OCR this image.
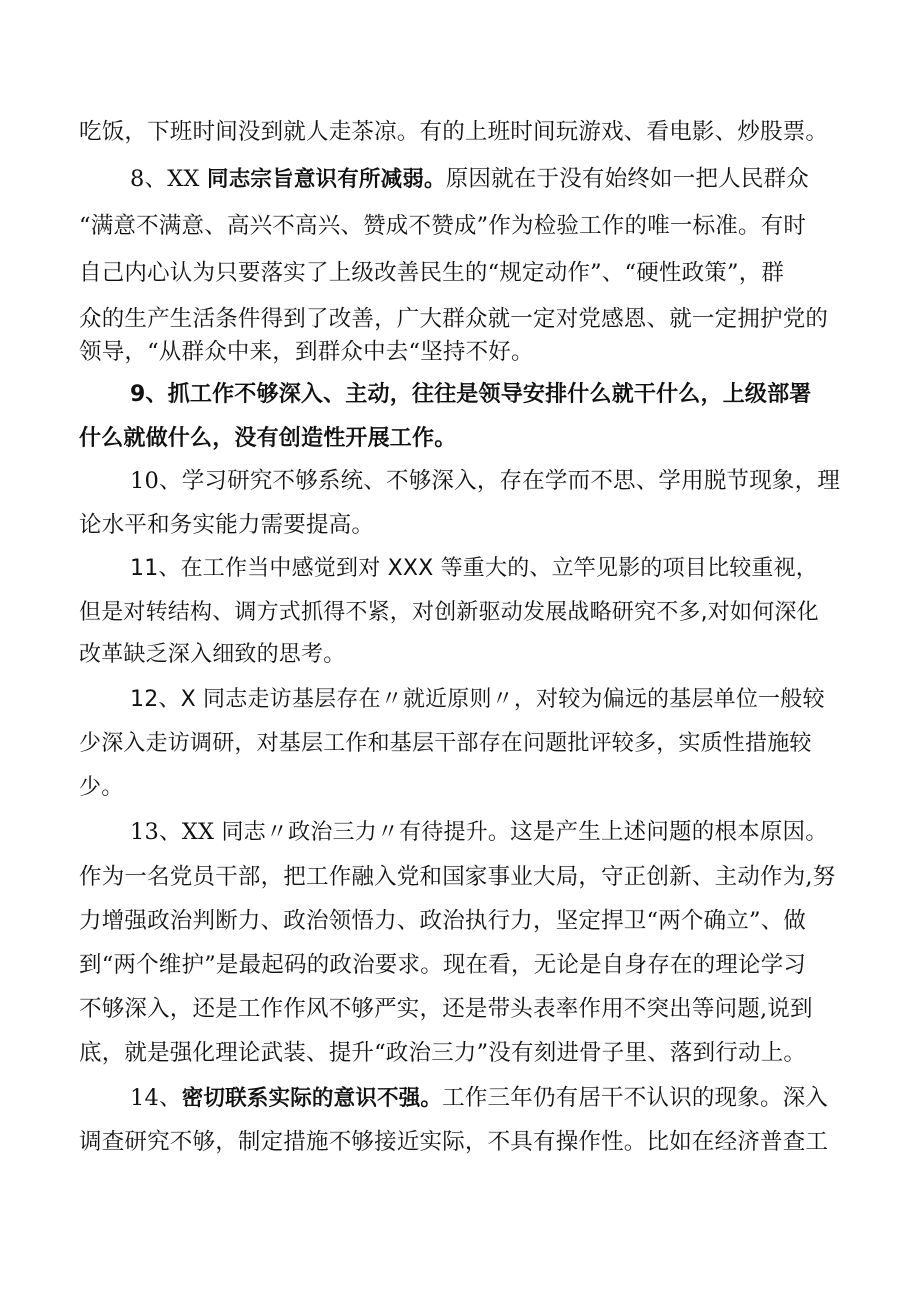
吃饭，下班时间没到就人走茶凉。有的上班时间玩游戏、看电影、炒股票。
8、XX 同志宗旨意识有所减弱。原因就在于没有始终如一把人民群众
“满意不满意、高兴不高兴、赞成不赞成”作为检验工作的唯一标准。有时
自己内心认为只要落实了上级改善民生的“规定动作”、“硬性政策”，群
众的生产生活条件得到了改善，广大群众就一定对党感恩、就一定拥护党的
领导，“从群众中来，到群众中去“坚持不好。
9、抓工作不够深入、主动，往往是领导安排什么就干什么，上级部署
什么就做什么，没有创造性开展工作。
10、学习研究不够系统、不够深入，存在学而不思、学用脱节现象，理
论水平和务实能力需要提高。
11、在工作当中感觉到对 XXX 等重大的、立竿见影的项目比较重视，
但是对转结构、调方式抓得不紧，对创新驱动发展战略研究不多,对如何深化
改革缺乏深入细致的思考。
12、X 同志走访基层存在〃就近原则〃，对较为偏远的基层单位一般较
少深入走访调研，对基层工作和基层干部存在问题批评较多，实质性措施较
少。
13、XX 同志〃政治三力〃有待提升。这是产生上述问题的根本原因。
作为一名党员干部，把工作融入党和国家事业大局，守正创新、主动作为,努
力增强政治判断力、政治领悟力、政治执行力，坚定捍卫“两个确立”、做
到“两个维护”是最起码的政治要求。现在看，无论是自身存在的理论学习
不够深入，还是工作作风不够严实，还是带头表率作用不突出等问题,说到
底，就是强化理论武装、提升“政治三力”没有刻进骨子里、落到行动上。
14、密切联系实际的意识不强。工作三年仍有居干不认识的现象。深入
调查研究不够，制定措施不够接近实际，不具有操作性。比如在经济普查工
